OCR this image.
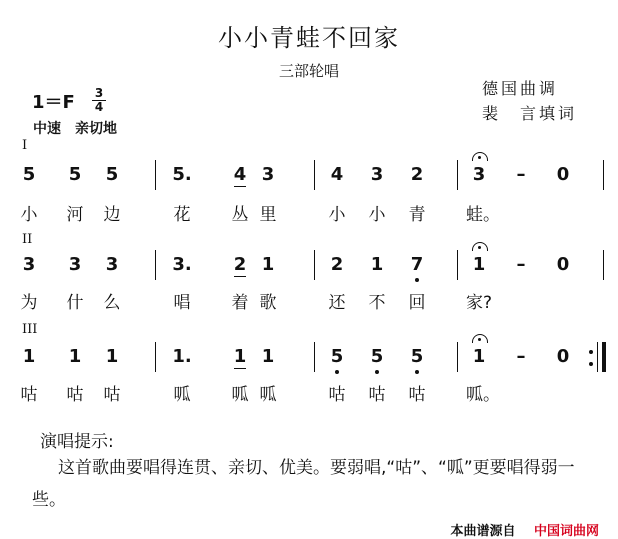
小小青蛙不回家
三部轮唱
德国曲调
裴　言填词
1＝F 3
4
中速　亲切地
I
5 5 5	5. 4 3	4 3 2	3 – 0
小	河	边	花	丛 里	小	小	青	蛙。
II
3 3 3	3. 2 1	2 1 7	1 – 0
为	什	么	唱	着 歌	还	不	回	家?
III
1 1 1	1. 1 1	5 5 5	1 – 0
咕	咕	咕	呱	呱 呱	咕	咕	咕	呱。
演唱提示:
这首歌曲要唱得连贯、亲切、优美。要弱唱,“咕”、“呱”更要唱得弱一些。
本曲谱源自 中国词曲网
